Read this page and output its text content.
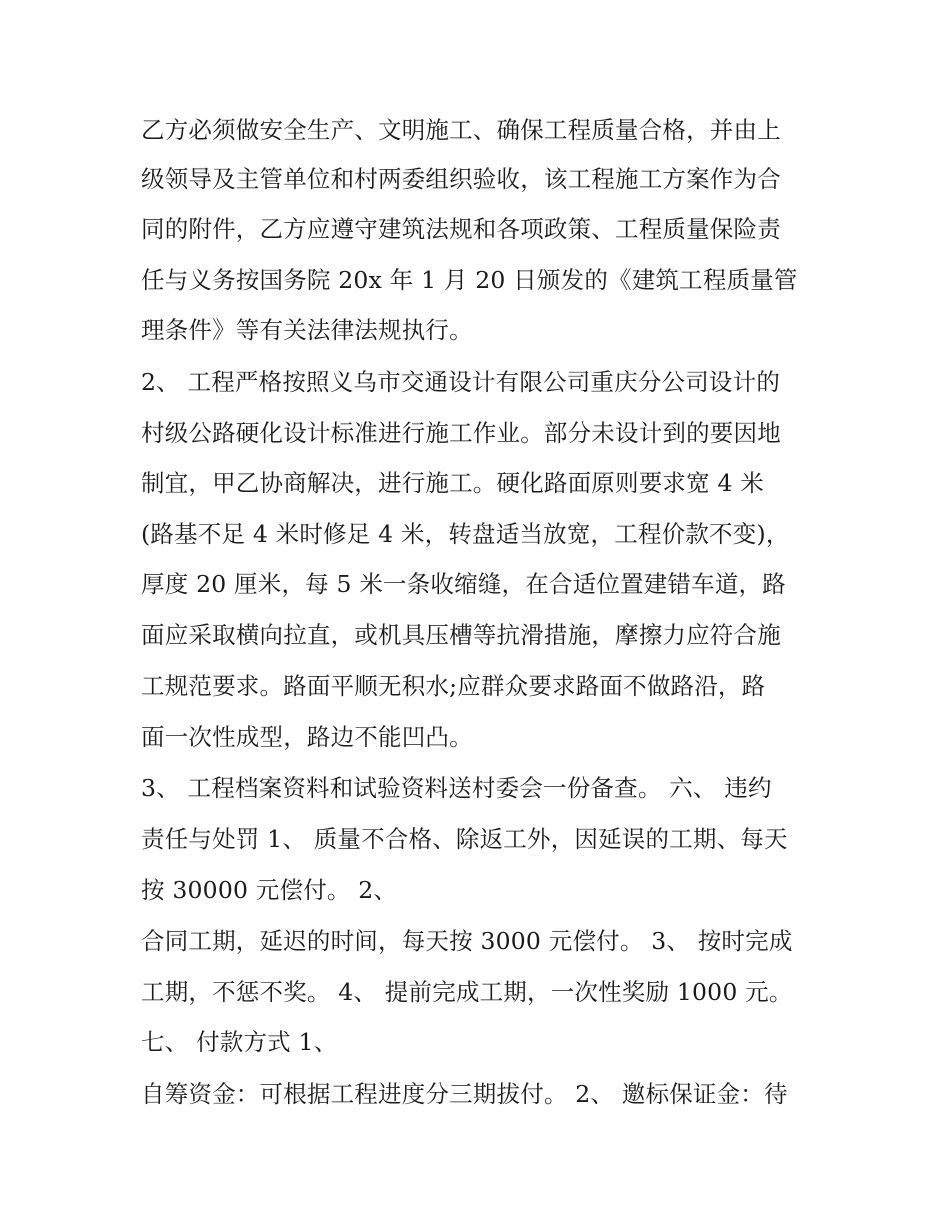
乙方必须做安全生产、文明施工、确保工程质量合格，并由上
级领导及主管单位和村两委组织验收，该工程施工方案作为合
同的附件，乙方应遵守建筑法规和各项政策、工程质量保险责
任与义务按国务院 20x 年 1 月 20 日颁发的《建筑工程质量管
理条件》等有关法律法规执行。
2、 工程严格按照义乌市交通设计有限公司重庆分公司设计的
村级公路硬化设计标准进行施工作业。部分未设计到的要因地
制宜，甲乙协商解决，进行施工。硬化路面原则要求宽 4 米
(路基不足 4 米时修足 4 米，转盘适当放宽，工程价款不变)，
厚度 20 厘米，每 5 米一条收缩缝，在合适位置建错车道，路
面应采取横向拉直，或机具压槽等抗滑措施，摩擦力应符合施
工规范要求。路面平顺无积水;应群众要求路面不做路沿，路
面一次性成型，路边不能凹凸。
3、 工程档案资料和试验资料送村委会一份备查。 六、 违约
责任与处罚 1、 质量不合格、除返工外，因延误的工期、每天
按 30000 元偿付。 2、
合同工期，延迟的时间，每天按 3000 元偿付。 3、 按时完成
工期，不惩不奖。 4、 提前完成工期，一次性奖励 1000 元。
七、 付款方式 1、
自筹资金：可根据工程进度分三期拔付。 2、 邀标保证金：待
